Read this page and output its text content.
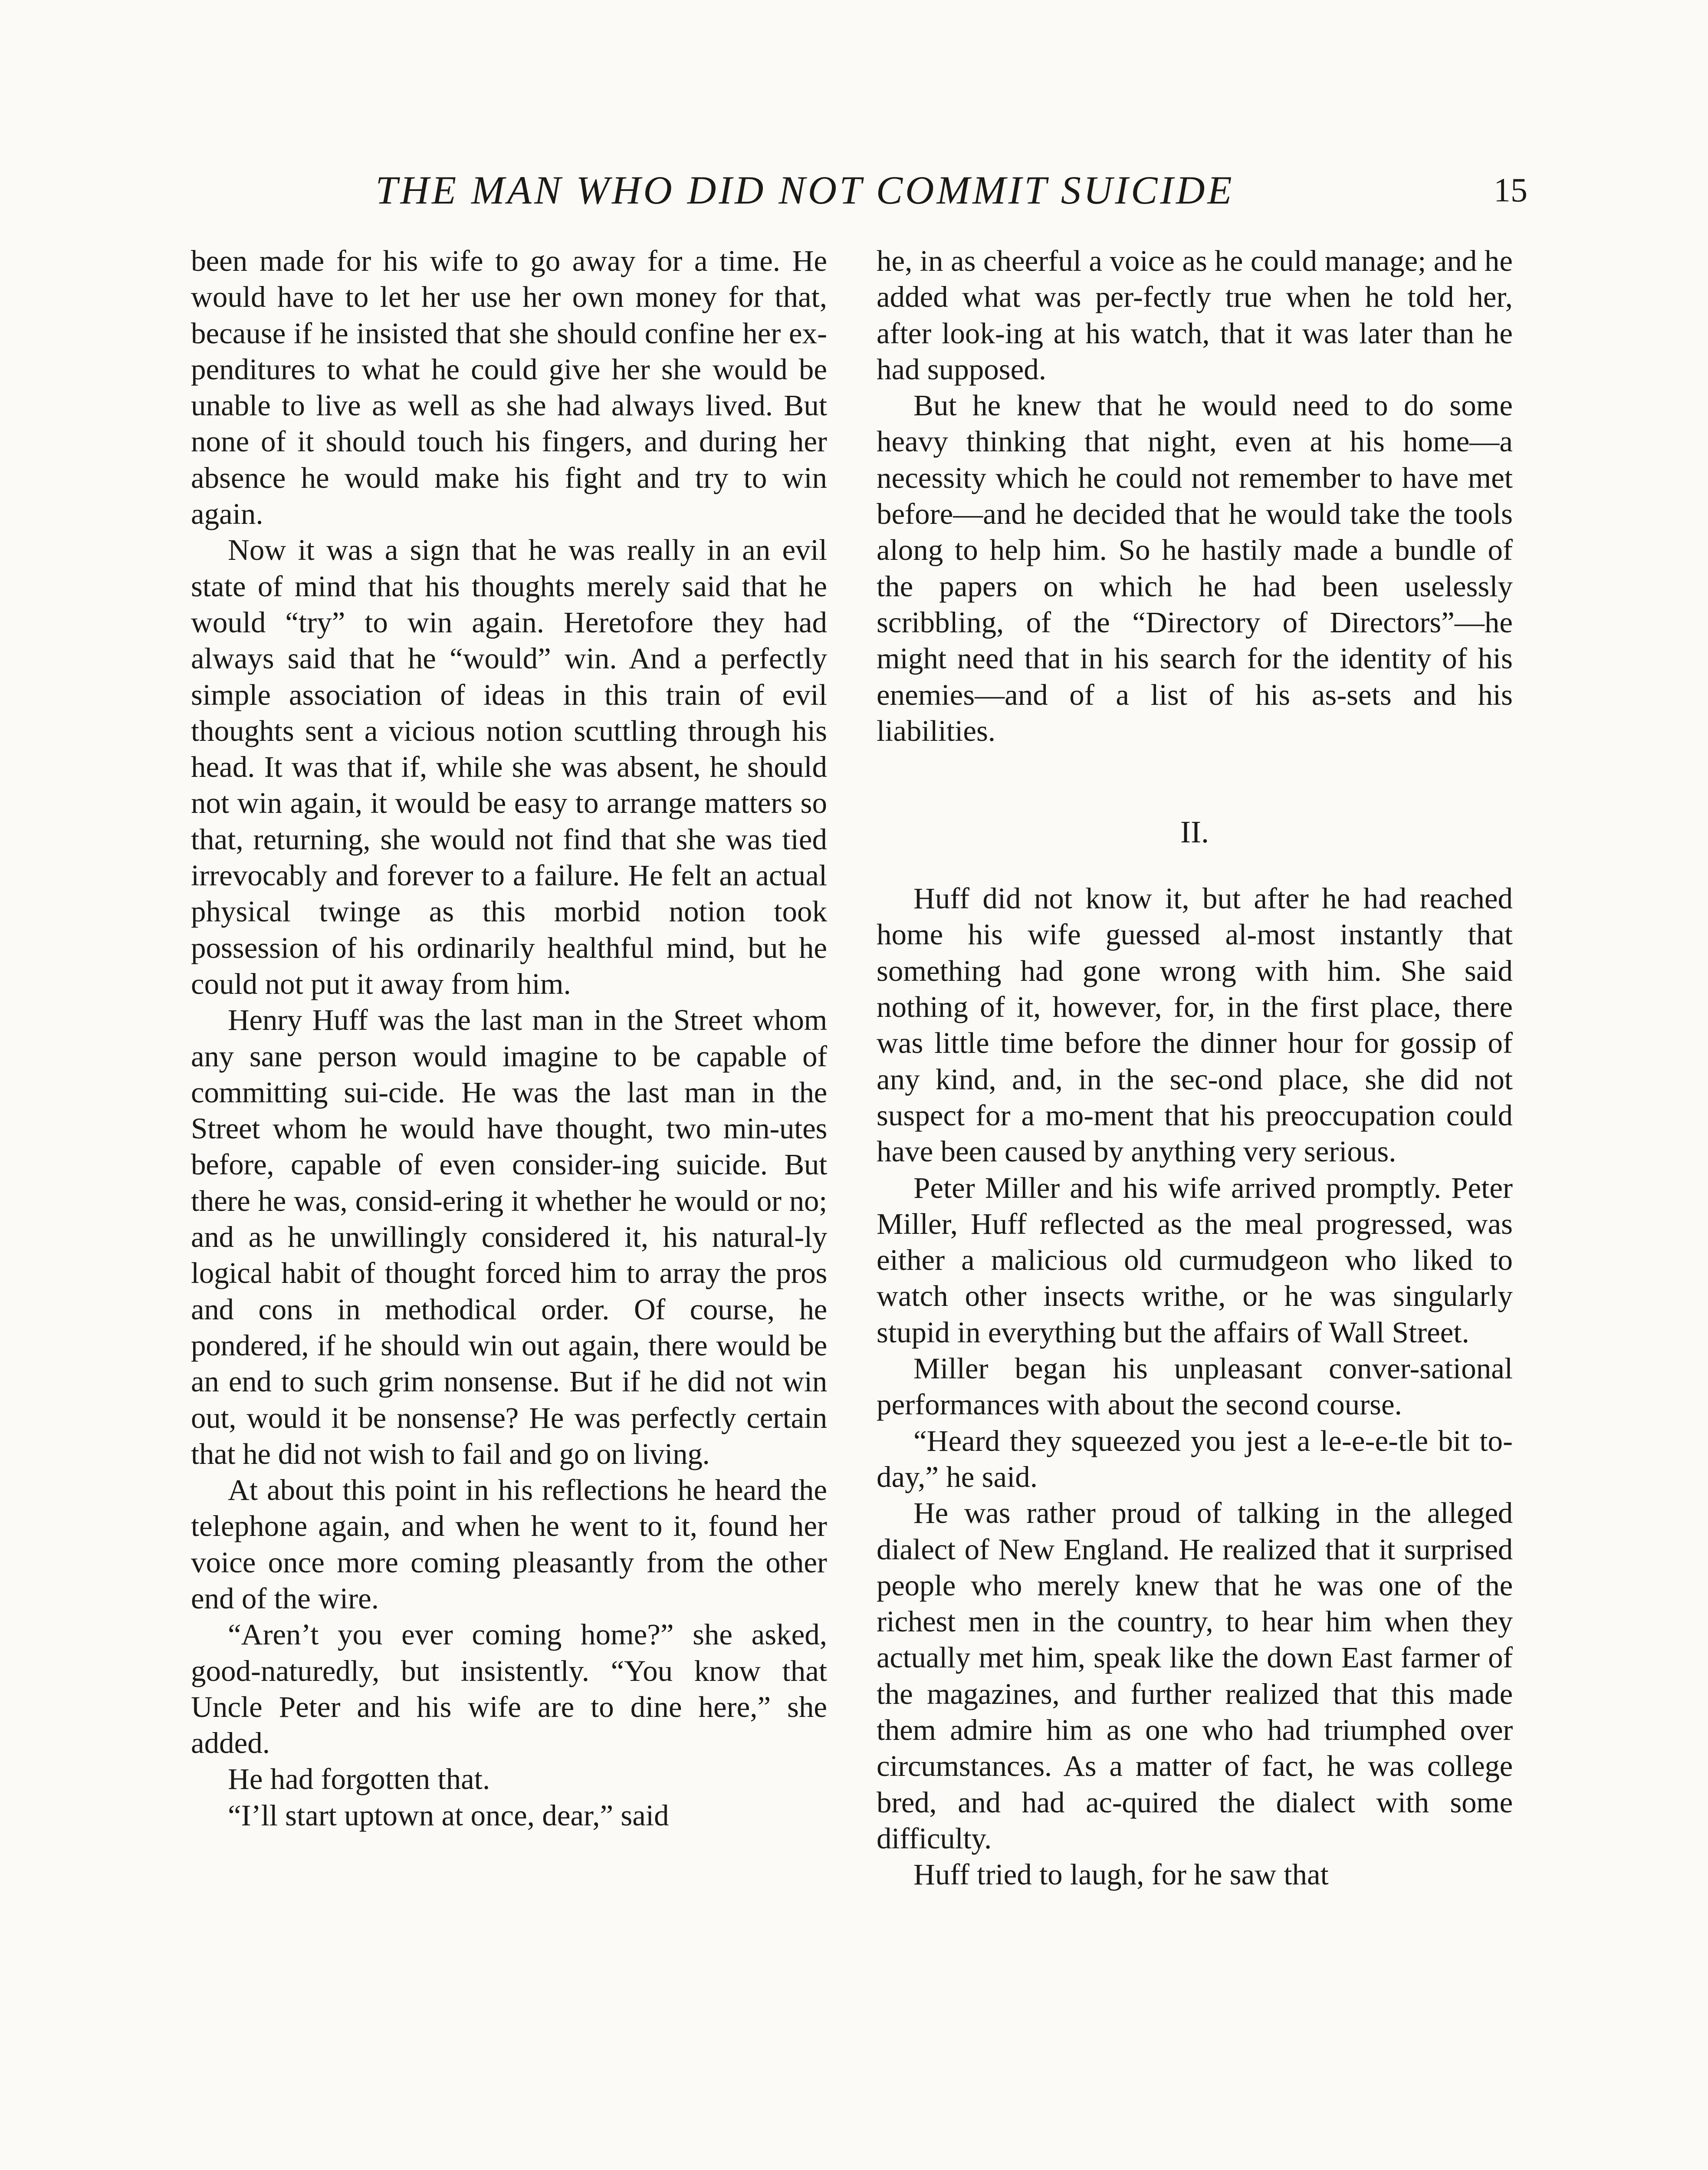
THE MAN WHO DID NOT COMMIT SUICIDE	15

been made for his wife to go away for a time. He would have to let her use her own money for that, because if he insisted that she should confine her ex-penditures to what he could give her she would be unable to live as well as she had always lived. But none of it should touch his fingers, and during her absence he would make his fight and try to win again.

Now it was a sign that he was really in an evil state of mind that his thoughts merely said that he would “try” to win again. Heretofore they had always said that he “would” win. And a perfectly simple association of ideas in this train of evil thoughts sent a vicious notion scuttling through his head. It was that if, while she was absent, he should not win again, it would be easy to arrange matters so that, returning, she would not find that she was tied irrevocably and forever to a failure. He felt an actual physical twinge as this morbid notion took possession of his ordinarily healthful mind, but he could not put it away from him.

Henry Huff was the last man in the Street whom any sane person would imagine to be capable of committing sui-cide. He was the last man in the Street whom he would have thought, two min-utes before, capable of even consider-ing suicide. But there he was, consid-ering it whether he would or no; and as he unwillingly considered it, his natural-ly logical habit of thought forced him to array the pros and cons in methodical order. Of course, he pondered, if he should win out again, there would be an end to such grim nonsense. But if he did not win out, would it be nonsense? He was perfectly certain that he did not wish to fail and go on living.

At about this point in his reflections he heard the telephone again, and when he went to it, found her voice once more coming pleasantly from the other end of the wire.

“Aren’t you ever coming home?” she asked, good-naturedly, but insistently. “You know that Uncle Peter and his wife are to dine here,” she added.

He had forgotten that.

“I’ll start uptown at once, dear,” said

he, in as cheerful a voice as he could manage; and he added what was per-fectly true when he told her, after look-ing at his watch, that it was later than he had supposed.

But he knew that he would need to do some heavy thinking that night, even at his home—a necessity which he could not remember to have met before—and he decided that he would take the tools along to help him. So he hastily made a bundle of the papers on which he had been uselessly scribbling, of the “Directory of Directors”—he might need that in his search for the identity of his enemies—and of a list of his as-sets and his liabilities.

II.

Huff did not know it, but after he had reached home his wife guessed al-most instantly that something had gone wrong with him. She said nothing of it, however, for, in the first place, there was little time before the dinner hour for gossip of any kind, and, in the sec-ond place, she did not suspect for a mo-ment that his preoccupation could have been caused by anything very serious.

Peter Miller and his wife arrived promptly. Peter Miller, Huff reflected as the meal progressed, was either a malicious old curmudgeon who liked to watch other insects writhe, or he was singularly stupid in everything but the affairs of Wall Street.

Miller began his unpleasant conver-sational performances with about the second course.

“Heard they squeezed you jest a le-e-e-tle bit to-day,” he said.

He was rather proud of talking in the alleged dialect of New England. He realized that it surprised people who merely knew that he was one of the richest men in the country, to hear him when they actually met him, speak like the down East farmer of the magazines, and further realized that this made them admire him as one who had triumphed over circumstances. As a matter of fact, he was college bred, and had ac-quired the dialect with some difficulty.

Huff tried to laugh, for he saw that
